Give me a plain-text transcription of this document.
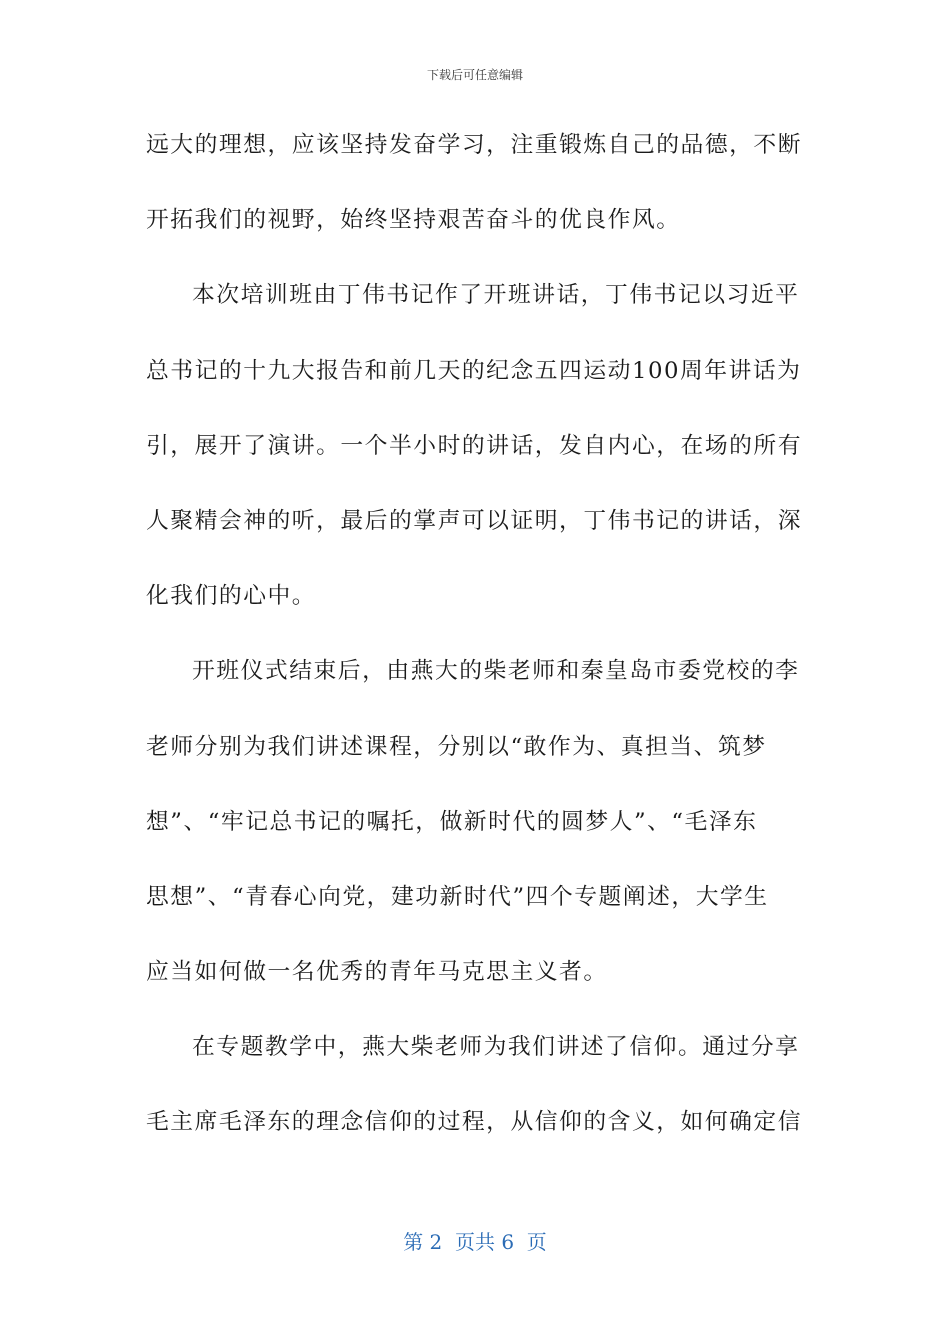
下载后可任意编辑
远大的理想，应该坚持发奋学习，注重锻炼自己的品德，不断
开拓我们的视野，始终坚持艰苦奋斗的优良作风。
本次培训班由丁伟书记作了开班讲话，丁伟书记以习近平
总书记的十九大报告和前几天的纪念五四运动100周年讲话为
引，展开了演讲。一个半小时的讲话，发自内心，在场的所有
人聚精会神的听，最后的掌声可以证明，丁伟书记的讲话，深
化我们的心中。
开班仪式结束后，由燕大的柴老师和秦皇岛市委党校的李
老师分别为我们讲述课程，分别以“敢作为、真担当、筑梦
想”、“牢记总书记的嘱托，做新时代的圆梦人”、“毛泽东
思想”、“青春心向党，建功新时代”四个专题阐述，大学生
应当如何做一名优秀的青年马克思主义者。
在专题教学中，燕大柴老师为我们讲述了信仰。通过分享
毛主席毛泽东的理念信仰的过程，从信仰的含义，如何确定信
第 2  页共 6  页
